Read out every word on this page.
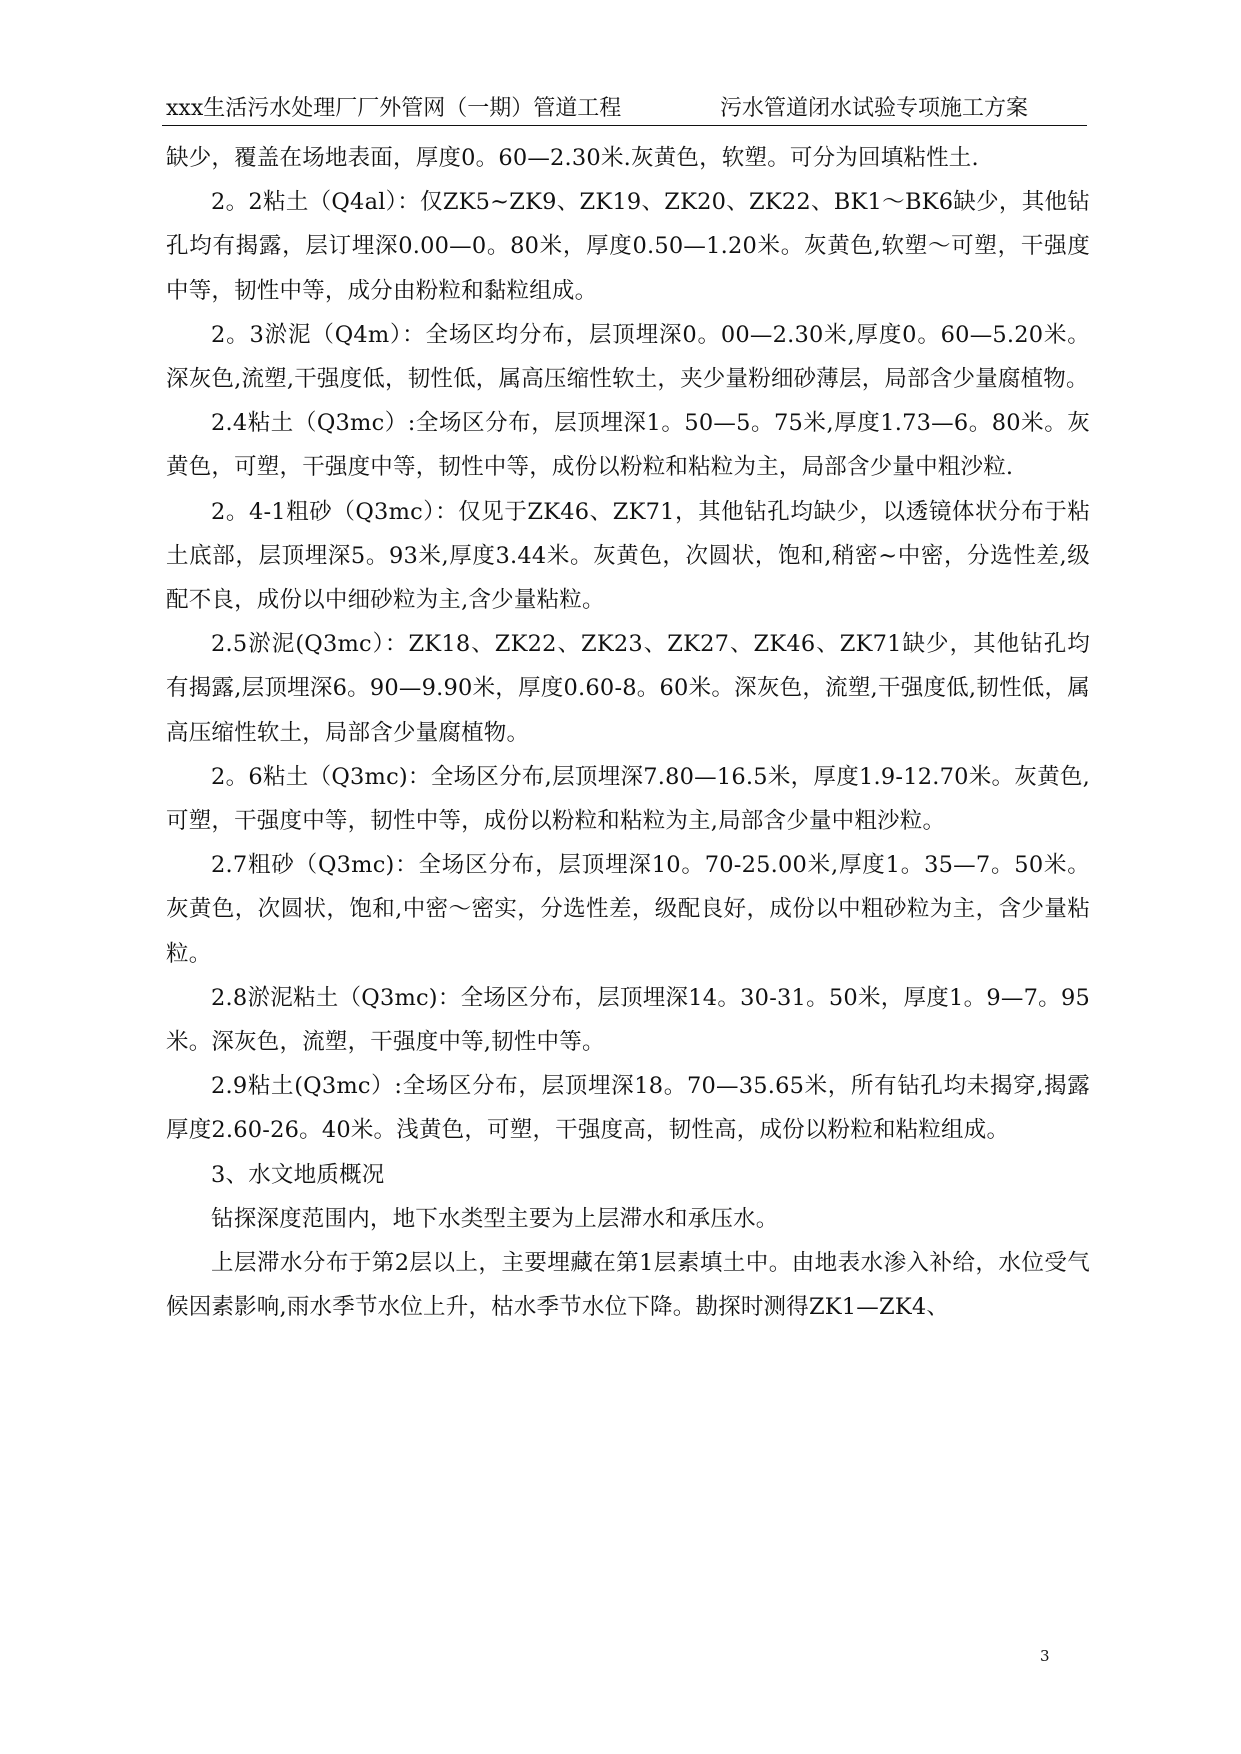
xxx生活污水处理厂厂外管网（一期）管道工程	污水管道闭水试验专项施工方案

缺少，覆盖在场地表面，厚度0。60—2.30米.灰黄色，软塑。可分为回填粘性土.

2。2粘土（Q4al）：仅ZK5~ZK9、ZK19、ZK20、ZK22、BK1～BK6缺少，其他钻孔均有揭露，层订埋深0.00—0。80米，厚度0.50—1.20米。灰黄色,软塑～可塑，干强度中等，韧性中等，成分由粉粒和黏粒组成。

2。3淤泥（Q4m）：全场区均分布，层顶埋深0。00—2.30米,厚度0。60—5.20米。深灰色,流塑,干强度低，韧性低，属高压缩性软土，夹少量粉细砂薄层，局部含少量腐植物。

2.4粘土（Q3mc）:全场区分布，层顶埋深1。50—5。75米,厚度1.73—6。80米。灰黄色，可塑，干强度中等，韧性中等，成份以粉粒和粘粒为主，局部含少量中粗沙粒.

2。4-1粗砂（Q3mc）：仅见于ZK46、ZK71，其他钻孔均缺少，以透镜体状分布于粘土底部，层顶埋深5。93米,厚度3.44米。灰黄色，次圆状，饱和,稍密~中密，分选性差,级配不良，成份以中细砂粒为主,含少量粘粒。

2.5淤泥(Q3mc）：ZK18、ZK22、ZK23、ZK27、ZK46、ZK71缺少，其他钻孔均有揭露,层顶埋深6。90—9.90米，厚度0.60-8。60米。深灰色，流塑,干强度低,韧性低，属高压缩性软土，局部含少量腐植物。

2。6粘土（Q3mc)：全场区分布,层顶埋深7.80—16.5米，厚度1.9-12.70米。灰黄色,可塑，干强度中等，韧性中等，成份以粉粒和粘粒为主,局部含少量中粗沙粒。

2.7粗砂（Q3mc)：全场区分布，层顶埋深10。70-25.00米,厚度1。35—7。50米。灰黄色，次圆状，饱和,中密～密实，分选性差，级配良好，成份以中粗砂粒为主，含少量粘粒。

2.8淤泥粘土（Q3mc)：全场区分布，层顶埋深14。30-31。50米，厚度1。9—7。95米。深灰色，流塑，干强度中等,韧性中等。

2.9粘土(Q3mc）:全场区分布，层顶埋深18。70—35.65米，所有钻孔均未揭穿,揭露厚度2.60-26。40米。浅黄色，可塑，干强度高，韧性高，成份以粉粒和粘粒组成。

3、水文地质概况

钻探深度范围内，地下水类型主要为上层滞水和承压水。

上层滞水分布于第2层以上，主要埋藏在第1层素填土中。由地表水渗入补给，水位受气候因素影响,雨水季节水位上升，枯水季节水位下降。勘探时测得ZK1—ZK4、

3
